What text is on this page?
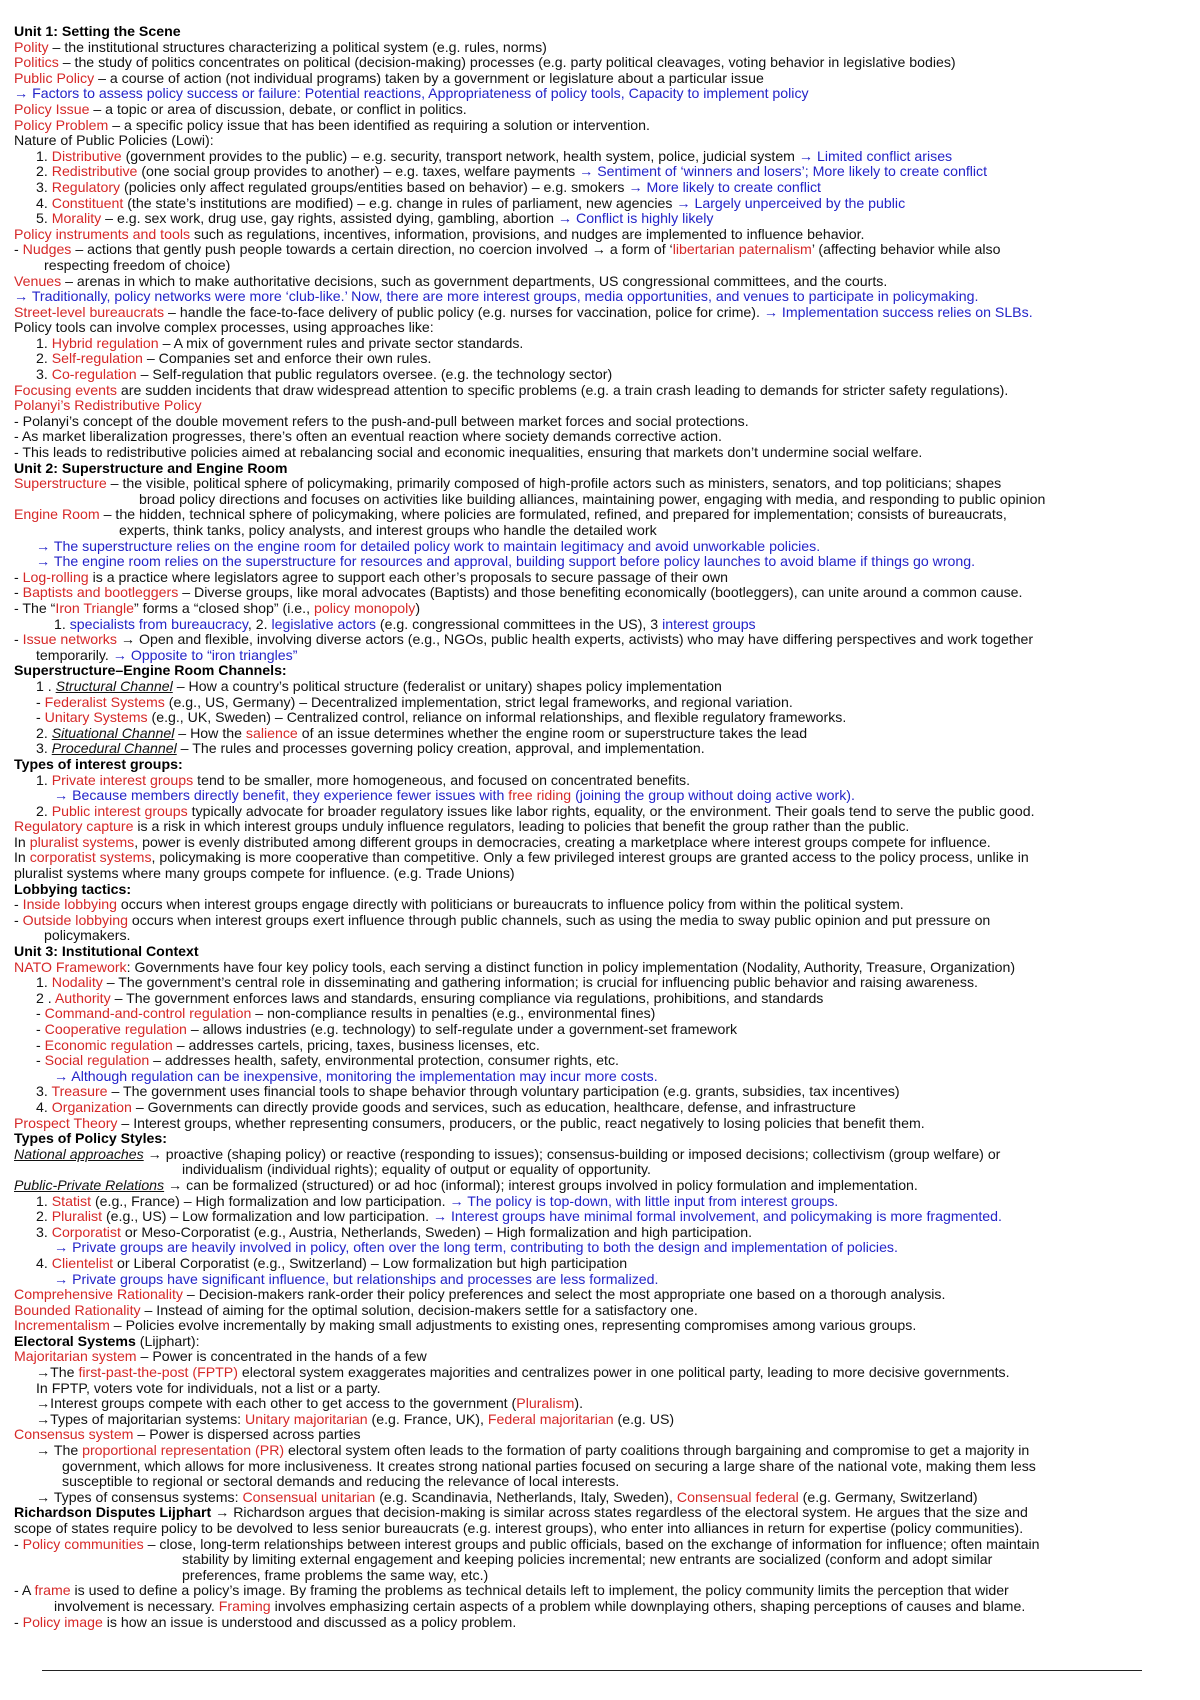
Unit 1: Setting the Scene
Polity – the institutional structures characterizing a political system (e.g. rules, norms)
Politics – the study of politics concentrates on political (decision-making) processes (e.g. party political cleavages, voting behavior in legislative bodies)
Public Policy – a course of action (not individual programs) taken by a government or legislature about a particular issue
→ Factors to assess policy success or failure: Potential reactions, Appropriateness of policy tools, Capacity to implement policy
Policy Issue – a topic or area of discussion, debate, or conflict in politics.
Policy Problem – a specific policy issue that has been identified as requiring a solution or intervention.
Nature of Public Policies (Lowi):
1. Distributive (government provides to the public) – e.g. security, transport network, health system, police, judicial system → Limited conflict arises
2. Redistributive (one social group provides to another) – e.g. taxes, welfare payments → Sentiment of ‘winners and losers’; More likely to create conflict
3. Regulatory (policies only affect regulated groups/entities based on behavior) – e.g. smokers → More likely to create conflict
4. Constituent (the state’s institutions are modified) – e.g. change in rules of parliament, new agencies → Largely unperceived by the public
5. Morality – e.g. sex work, drug use, gay rights, assisted dying, gambling, abortion → Conflict is highly likely
Policy instruments and tools such as regulations, incentives, information, provisions, and nudges are implemented to influence behavior.
- Nudges – actions that gently push people towards a certain direction, no coercion involved → a form of ‘libertarian paternalism’ (affecting behavior while also
respecting freedom of choice)
Venues – arenas in which to make authoritative decisions, such as government departments, US congressional committees, and the courts.
→ Traditionally, policy networks were more ‘club-like.’ Now, there are more interest groups, media opportunities, and venues to participate in policymaking.
Street-level bureaucrats – handle the face-to-face delivery of public policy (e.g. nurses for vaccination, police for crime). → Implementation success relies on SLBs.
Policy tools can involve complex processes, using approaches like:
1. Hybrid regulation – A mix of government rules and private sector standards.
2. Self-regulation – Companies set and enforce their own rules.
3. Co-regulation – Self-regulation that public regulators oversee. (e.g. the technology sector)
Focusing events are sudden incidents that draw widespread attention to specific problems (e.g. a train crash leading to demands for stricter safety regulations).
Polanyi’s Redistributive Policy
- Polanyi’s concept of the double movement refers to the push-and-pull between market forces and social protections.
- As market liberalization progresses, there’s often an eventual reaction where society demands corrective action.
- This leads to redistributive policies aimed at rebalancing social and economic inequalities, ensuring that markets don’t undermine social welfare.
Unit 2: Superstructure and Engine Room
Superstructure – the visible, political sphere of policymaking, primarily composed of high-profile actors such as ministers, senators, and top politicians; shapes
broad policy directions and focuses on activities like building alliances, maintaining power, engaging with media, and responding to public opinion
Engine Room – the hidden, technical sphere of policymaking, where policies are formulated, refined, and prepared for implementation; consists of bureaucrats,
experts, think tanks, policy analysts, and interest groups who handle the detailed work
→ The superstructure relies on the engine room for detailed policy work to maintain legitimacy and avoid unworkable policies.
→ The engine room relies on the superstructure for resources and approval, building support before policy launches to avoid blame if things go wrong.
- Log-rolling is a practice where legislators agree to support each other’s proposals to secure passage of their own
- Baptists and bootleggers – Diverse groups, like moral advocates (Baptists) and those benefiting economically (bootleggers), can unite around a common cause.
- The “Iron Triangle” forms a “closed shop” (i.e., policy monopoly)
1. specialists from bureaucracy, 2. legislative actors (e.g. congressional committees in the US), 3 interest groups
- Issue networks → Open and flexible, involving diverse actors (e.g., NGOs, public health experts, activists) who may have differing perspectives and work together
temporarily. → Opposite to “iron triangles”
Superstructure–Engine Room Channels:
1 . Structural Channel – How a country’s political structure (federalist or unitary) shapes policy implementation
- Federalist Systems (e.g., US, Germany) – Decentralized implementation, strict legal frameworks, and regional variation.
- Unitary Systems (e.g., UK, Sweden) – Centralized control, reliance on informal relationships, and flexible regulatory frameworks.
2. Situational Channel – How the salience of an issue determines whether the engine room or superstructure takes the lead
3. Procedural Channel – The rules and processes governing policy creation, approval, and implementation.
Types of interest groups:
1. Private interest groups tend to be smaller, more homogeneous, and focused on concentrated benefits.
→ Because members directly benefit, they experience fewer issues with free riding (joining the group without doing active work).
2. Public interest groups typically advocate for broader regulatory issues like labor rights, equality, or the environment. Their goals tend to serve the public good.
Regulatory capture is a risk in which interest groups unduly influence regulators, leading to policies that benefit the group rather than the public.
In pluralist systems, power is evenly distributed among different groups in democracies, creating a marketplace where interest groups compete for influence.
In corporatist systems, policymaking is more cooperative than competitive. Only a few privileged interest groups are granted access to the policy process, unlike in
pluralist systems where many groups compete for influence. (e.g. Trade Unions)
Lobbying tactics:
- Inside lobbying occurs when interest groups engage directly with politicians or bureaucrats to influence policy from within the political system.
- Outside lobbying occurs when interest groups exert influence through public channels, such as using the media to sway public opinion and put pressure on
policymakers.
Unit 3: Institutional Context
NATO Framework: Governments have four key policy tools, each serving a distinct function in policy implementation (Nodality, Authority, Treasure, Organization)
1. Nodality – The government’s central role in disseminating and gathering information; is crucial for influencing public behavior and raising awareness.
2 . Authority – The government enforces laws and standards, ensuring compliance via regulations, prohibitions, and standards
- Command-and-control regulation – non-compliance results in penalties (e.g., environmental fines)
- Cooperative regulation – allows industries (e.g. technology) to self-regulate under a government-set framework
- Economic regulation – addresses cartels, pricing, taxes, business licenses, etc.
- Social regulation – addresses health, safety, environmental protection, consumer rights, etc.
→ Although regulation can be inexpensive, monitoring the implementation may incur more costs.
3. Treasure – The government uses financial tools to shape behavior through voluntary participation (e.g. grants, subsidies, tax incentives)
4. Organization – Governments can directly provide goods and services, such as education, healthcare, defense, and infrastructure
Prospect Theory – Interest groups, whether representing consumers, producers, or the public, react negatively to losing policies that benefit them.
Types of Policy Styles:
National approaches → proactive (shaping policy) or reactive (responding to issues); consensus-building or imposed decisions; collectivism (group welfare) or
individualism (individual rights); equality of output or equality of opportunity.
Public-Private Relations → can be formalized (structured) or ad hoc (informal); interest groups involved in policy formulation and implementation.
1. Statist (e.g., France) – High formalization and low participation. → The policy is top-down, with little input from interest groups.
2. Pluralist (e.g., US) – Low formalization and low participation. → Interest groups have minimal formal involvement, and policymaking is more fragmented.
3. Corporatist or Meso-Corporatist (e.g., Austria, Netherlands, Sweden) – High formalization and high participation.
→ Private groups are heavily involved in policy, often over the long term, contributing to both the design and implementation of policies.
4. Clientelist or Liberal Corporatist (e.g., Switzerland) – Low formalization but high participation
→ Private groups have significant influence, but relationships and processes are less formalized.
Comprehensive Rationality – Decision-makers rank-order their policy preferences and select the most appropriate one based on a thorough analysis.
Bounded Rationality – Instead of aiming for the optimal solution, decision-makers settle for a satisfactory one.
Incrementalism – Policies evolve incrementally by making small adjustments to existing ones, representing compromises among various groups.
Electoral Systems (Lijphart):
Majoritarian system – Power is concentrated in the hands of a few
→The first-past-the-post (FPTP) electoral system exaggerates majorities and centralizes power in one political party, leading to more decisive governments.
In FPTP, voters vote for individuals, not a list or a party.
→Interest groups compete with each other to get access to the government (Pluralism).
→Types of majoritarian systems: Unitary majoritarian (e.g. France, UK), Federal majoritarian (e.g. US)
Consensus system – Power is dispersed across parties
→ The proportional representation (PR) electoral system often leads to the formation of party coalitions through bargaining and compromise to get a majority in
government, which allows for more inclusiveness. It creates strong national parties focused on securing a large share of the national vote, making them less
susceptible to regional or sectoral demands and reducing the relevance of local interests.
→ Types of consensus systems: Consensual unitarian (e.g. Scandinavia, Netherlands, Italy, Sweden), Consensual federal (e.g. Germany, Switzerland)
Richardson Disputes Lijphart → Richardson argues that decision-making is similar across states regardless of the electoral system. He argues that the size and
scope of states require policy to be devolved to less senior bureaucrats (e.g. interest groups), who enter into alliances in return for expertise (policy communities).
- Policy communities – close, long-term relationships between interest groups and public officials, based on the exchange of information for influence; often maintain
stability by limiting external engagement and keeping policies incremental; new entrants are socialized (conform and adopt similar
preferences, frame problems the same way, etc.)
- A frame is used to define a policy’s image. By framing the problems as technical details left to implement, the policy community limits the perception that wider
involvement is necessary. Framing involves emphasizing certain aspects of a problem while downplaying others, shaping perceptions of causes and blame.
- Policy image is how an issue is understood and discussed as a policy problem.
